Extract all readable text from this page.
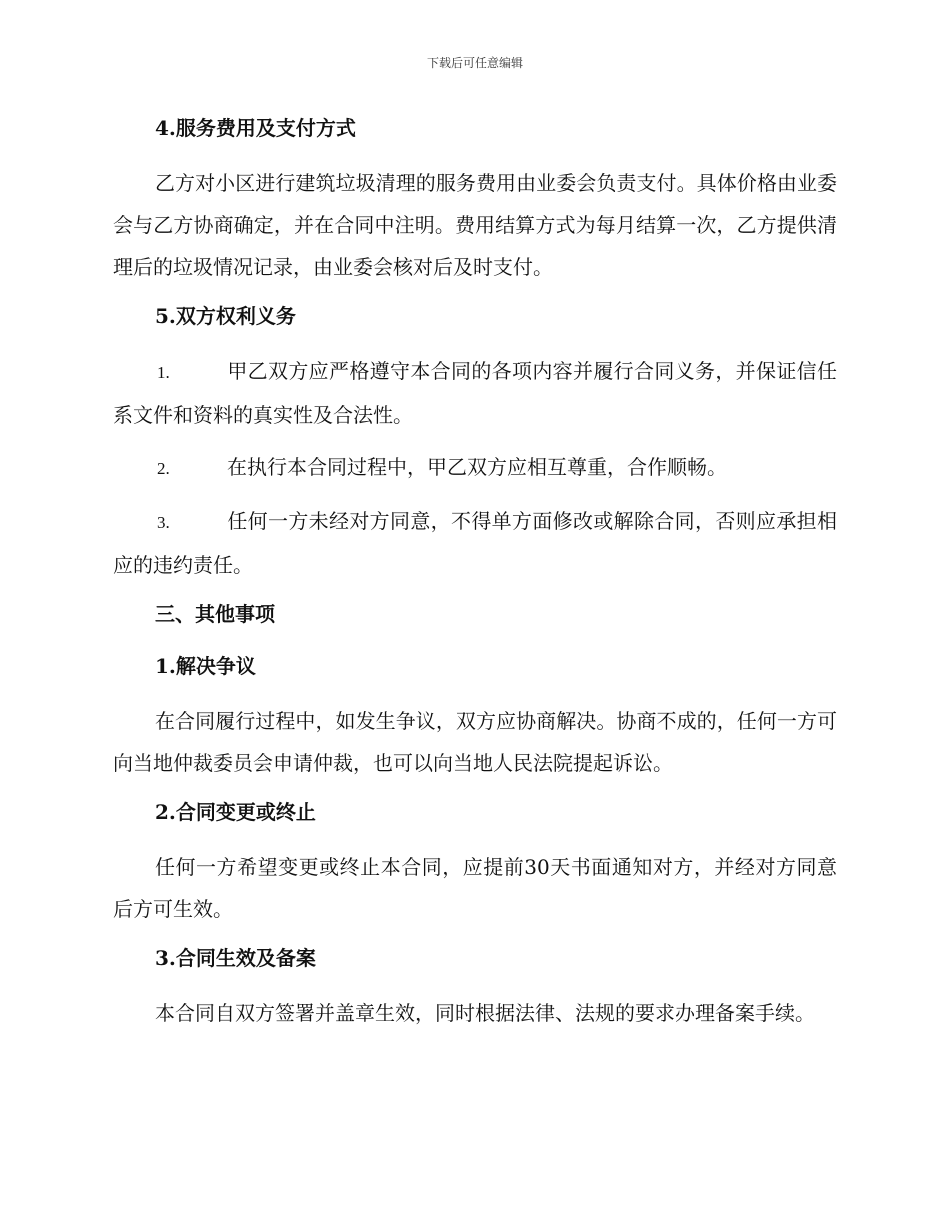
下载后可任意编辑
4.服务费用及支付方式
乙方对小区进行建筑垃圾清理的服务费用由业委会负责支付。具体价格由业委会与乙方协商确定，并在合同中注明。费用结算方式为每月结算一次，乙方提供清理后的垃圾情况记录，由业委会核对后及时支付。
5.双方权利义务
1.	甲乙双方应严格遵守本合同的各项内容并履行合同义务，并保证信任系文件和资料的真实性及合法性。
2.	在执行本合同过程中，甲乙双方应相互尊重，合作顺畅。
3.	任何一方未经对方同意，不得单方面修改或解除合同，否则应承担相应的违约责任。
三、其他事项
1.解决争议
在合同履行过程中，如发生争议，双方应协商解决。协商不成的，任何一方可向当地仲裁委员会申请仲裁，也可以向当地人民法院提起诉讼。
2.合同变更或终止
任何一方希望变更或终止本合同，应提前30天书面通知对方，并经对方同意后方可生效。
3.合同生效及备案
本合同自双方签署并盖章生效，同时根据法律、法规的要求办理备案手续。
